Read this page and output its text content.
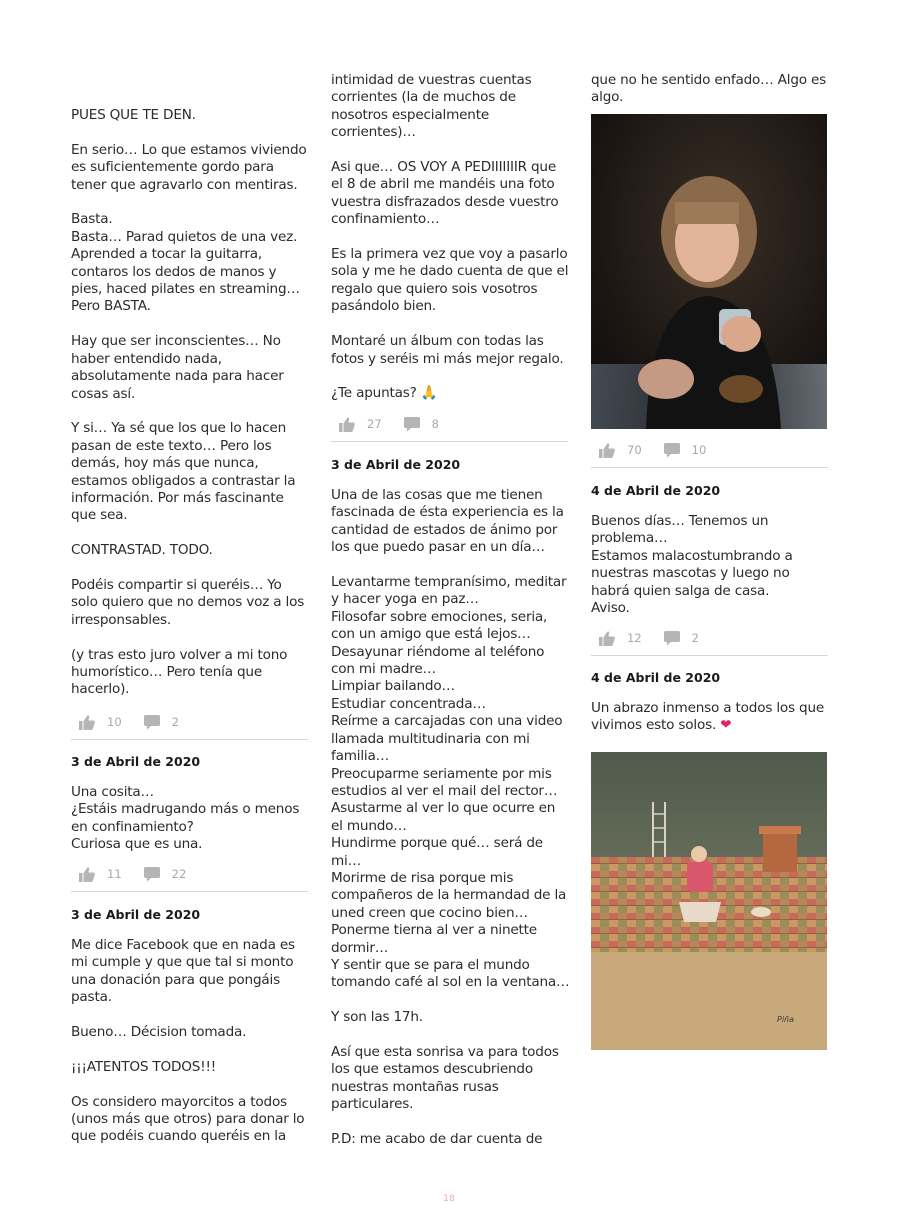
PUES QUE TE DEN.

En serio… Lo que estamos viviendo es suficientemente gordo para tener que agravarlo con mentiras.

Basta.
Basta… Parad quietos de una vez. Aprended a tocar la guitarra, contaros los dedos de manos y pies, haced pilates en streaming… Pero BASTA.

Hay que ser inconscientes… No haber entendido nada, absolutamente nada para hacer cosas así.

Y si… Ya sé que los que lo hacen pasan de este texto… Pero los demás, hoy más que nunca, estamos obligados a contrastar la información. Por más fascinante que sea.

CONTRASTAD. TODO.

Podéis compartir si queréis… Yo solo quiero que no demos voz a los irresponsables.

(y tras esto juro volver a mi tono humorístico… Pero tenía que hacerlo).

10	2

3 de Abril de 2020

Una cosita…
¿Estáis madrugando más o menos en confinamiento?
Curiosa que es una.

11	22

3 de Abril de 2020

Me dice Facebook que en nada es mi cumple y que que tal si monto una donación para que pongáis pasta.

Bueno… Décision tomada.

¡¡¡ATENTOS TODOS!!!

Os considero mayorcitos a todos (unos más que otros) para donar lo que podéis cuando queréis en la

intimidad de vuestras cuentas corrientes (la de muchos de nosotros especialmente corrientes)…

Asi que… OS VOY A PEDIIIIIIIR que el 8 de abril me mandéis una foto vuestra disfrazados desde vuestro confinamiento…

Es la primera vez que voy a pasarlo sola y me he dado cuenta de que el regalo que quiero sois vosotros pasándolo bien.

Montaré un álbum con todas las fotos y seréis mi más mejor regalo.

¿Te apuntas? 🙏

27	8

3 de Abril de 2020

Una de las cosas que me tienen fascinada de ésta experiencia es la cantidad de estados de ánimo por los que puedo pasar en un día…

Levantarme tempranísimo, meditar y hacer yoga en paz…
Filosofar sobre emociones, seria, con un amigo que está lejos…
Desayunar riéndome al teléfono con mi madre…
Limpiar bailando…
Estudiar concentrada…
Reírme a carcajadas con una video llamada multitudinaria con mi familia…
Preocuparme seriamente por mis estudios al ver el mail del rector…
Asustarme al ver lo que ocurre en el mundo…
Hundirme porque qué… será de mi…
Morirme de risa porque mis compañeros de la hermandad de la uned creen que cocino bien…
Ponerme tierna al ver a ninette dormir…
Y sentir que se para el mundo tomando café al sol en la ventana…

Y son las 17h.

Así que esta sonrisa va para todos los que estamos descubriendo nuestras montañas rusas particulares.

P.D: me acabo de dar cuenta de

que no he sentido enfado… Algo es algo.

70	10

4 de Abril de 2020

Buenos días… Tenemos un problema…
Estamos malacostumbrando a nuestras mascotas y luego no habrá quien salga de casa.
Aviso.

12	2

4 de Abril de 2020

Un abrazo inmenso a todos los que vivimos esto solos. ❤

Piña
18
